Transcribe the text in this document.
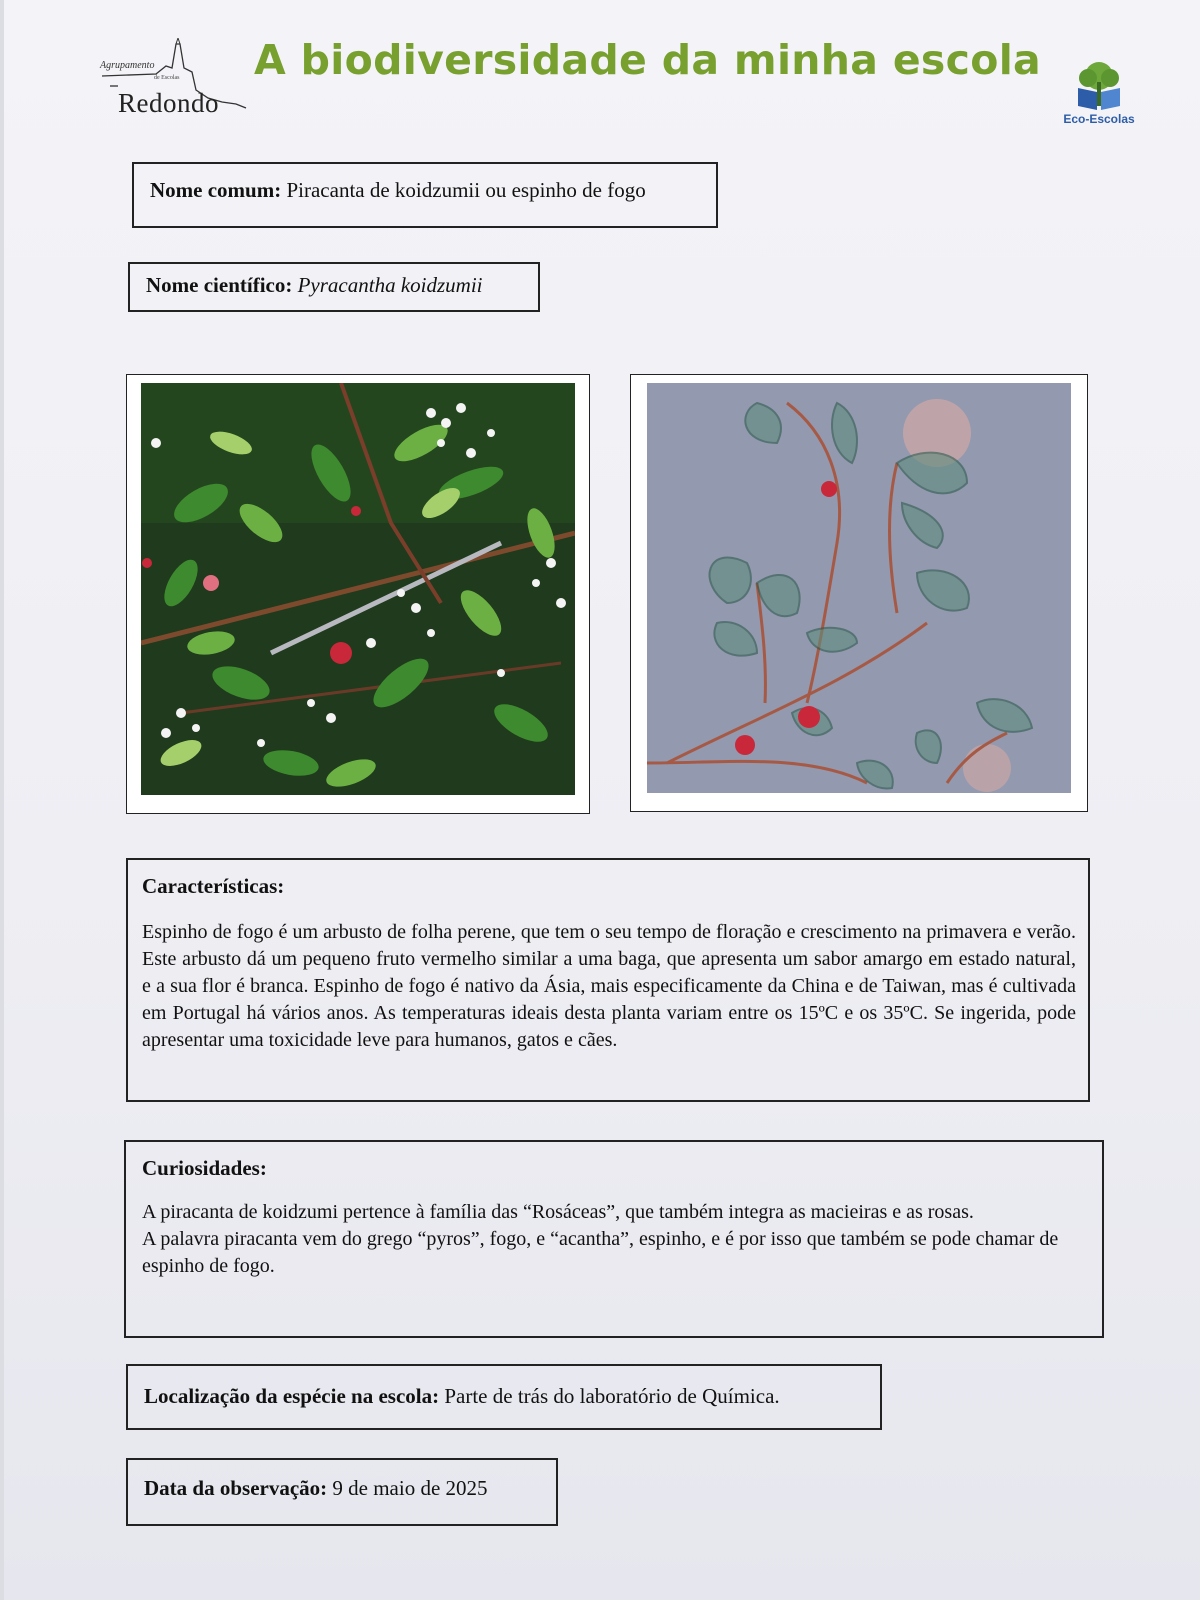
Agrupamento
de Escolas
Redondo
A biodiversidade da minha escola
Eco-Escolas
Nome comum: Piracanta de koidzumii ou espinho de fogo
Nome científico: Pyracantha koidzumii
Características:
Espinho de fogo é um arbusto de folha perene, que tem o seu tempo de floração e crescimento na primavera e verão. Este arbusto dá um pequeno fruto vermelho similar a uma baga, que apresenta um sabor amargo em estado natural, e a sua flor é branca. Espinho de fogo é nativo da Ásia, mais especificamente da China e de Taiwan, mas é cultivada em Portugal há vários anos. As temperaturas ideais desta planta variam entre os 15ºC e os 35ºC. Se ingerida, pode apresentar uma toxicidade leve para humanos, gatos e cães.
Curiosidades:
A piracanta de koidzumi pertence à família das “Rosáceas”, que também integra as macieiras e as rosas.
A palavra piracanta vem do grego “pyros”, fogo, e “acantha”, espinho, e é por isso que também se pode chamar de espinho de fogo.
Localização da espécie na escola: Parte de trás do laboratório de Química.
Data da observação: 9 de maio de 2025
